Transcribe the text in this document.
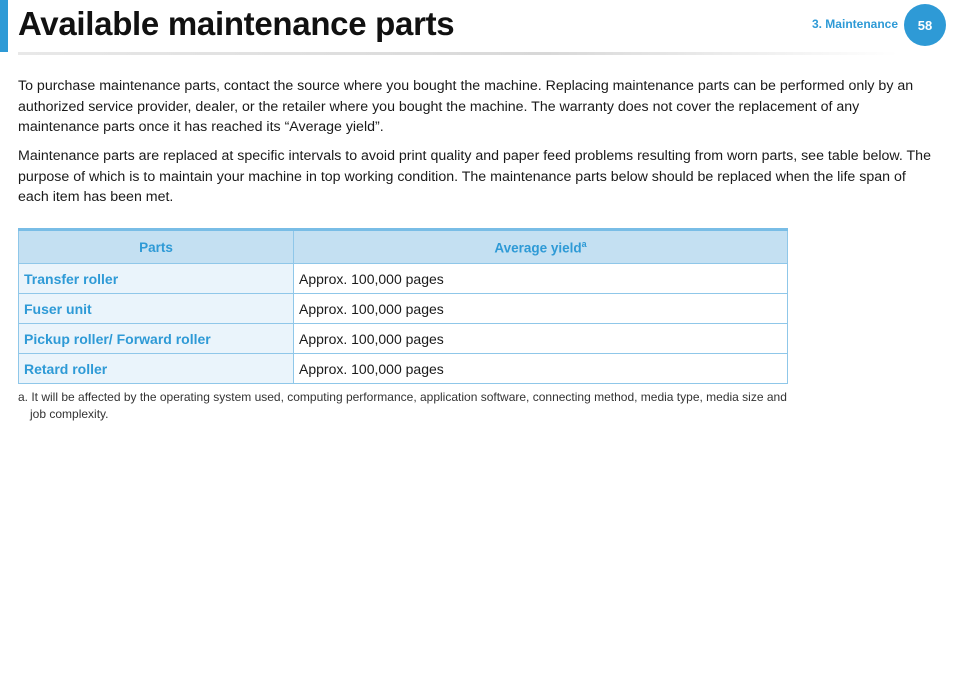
Available maintenance parts	3. Maintenance	58

To purchase maintenance parts, contact the source where you bought the machine. Replacing maintenance parts can be performed only by an authorized service provider, dealer, or the retailer where you bought the machine. The warranty does not cover the replacement of any maintenance parts once it has reached its “Average yield”.

Maintenance parts are replaced at specific intervals to avoid print quality and paper feed problems resulting from worn parts, see table below. The purpose of which is to maintain your machine in top working condition. The maintenance parts below should be replaced when the life span of each item has been met.

Parts	Average yield$^a$
Transfer roller	Approx. 100,000 pages
Fuser unit	Approx. 100,000 pages
Pickup roller/ Forward roller	Approx. 100,000 pages
Retard roller	Approx. 100,000 pages

a. It will be affected by the operating system used, computing performance, application software, connecting method, media type, media size and job complexity.
